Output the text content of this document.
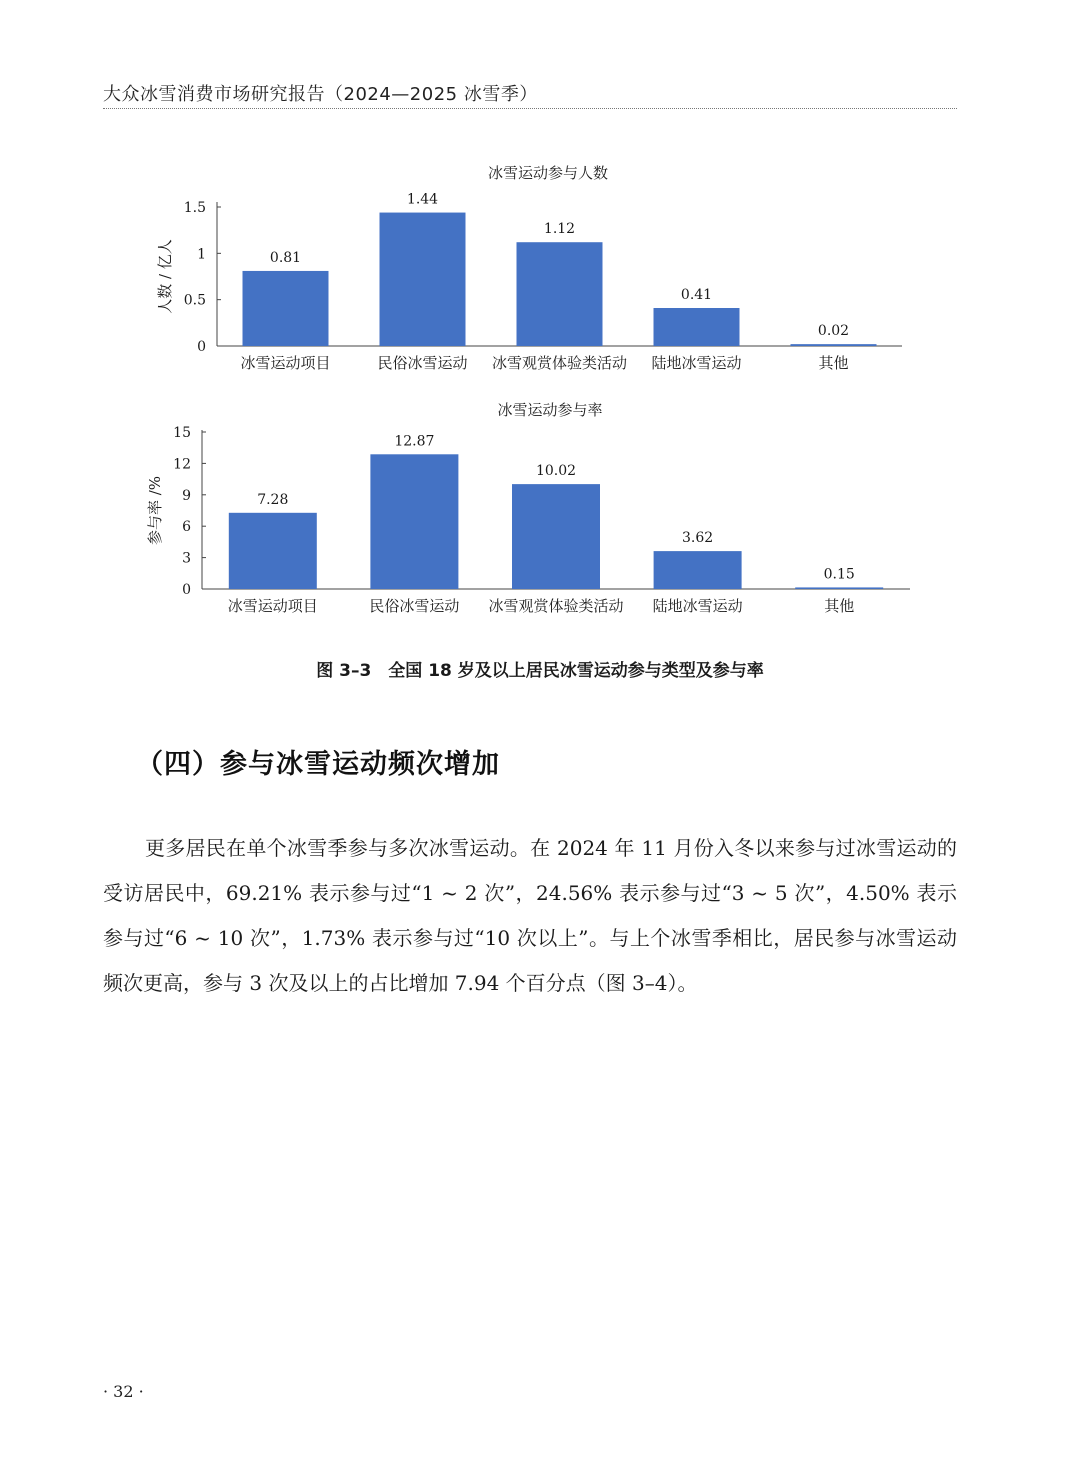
大众冰雪消费市场研究报告（2024—2025 冰雪季）
冰雪运动参与人数
人数 / 亿人
0
0.5
1
1.5
0.81
冰雪运动项目
1.44
民俗冰雪运动
1.12
冰雪观赏体验类活动
0.41
陆地冰雪运动
0.02
其他
冰雪运动参与率
参与率 /%
0
3
6
9
12
15
7.28
冰雪运动项目
12.87
民俗冰雪运动
10.02
冰雪观赏体验类活动
3.62
陆地冰雪运动
0.15
其他
图 3–3　全国 18 岁及以上居民冰雪运动参与类型及参与率
（四）参与冰雪运动频次增加

更多居民在单个冰雪季参与多次冰雪运动。在 2024 年 11 月份入冬以来参与过冰雪运动的受访居民中，69.21% 表示参与过“1 ~ 2 次”，24.56% 表示参与过“3 ~ 5 次”，4.50% 表示参与过“6 ~ 10 次”，1.73% 表示参与过“10 次以上”。与上个冰雪季相比，居民参与冰雪运动频次更高，参与 3 次及以上的占比增加 7.94 个百分点（图 3–4）。

· 32 ·
